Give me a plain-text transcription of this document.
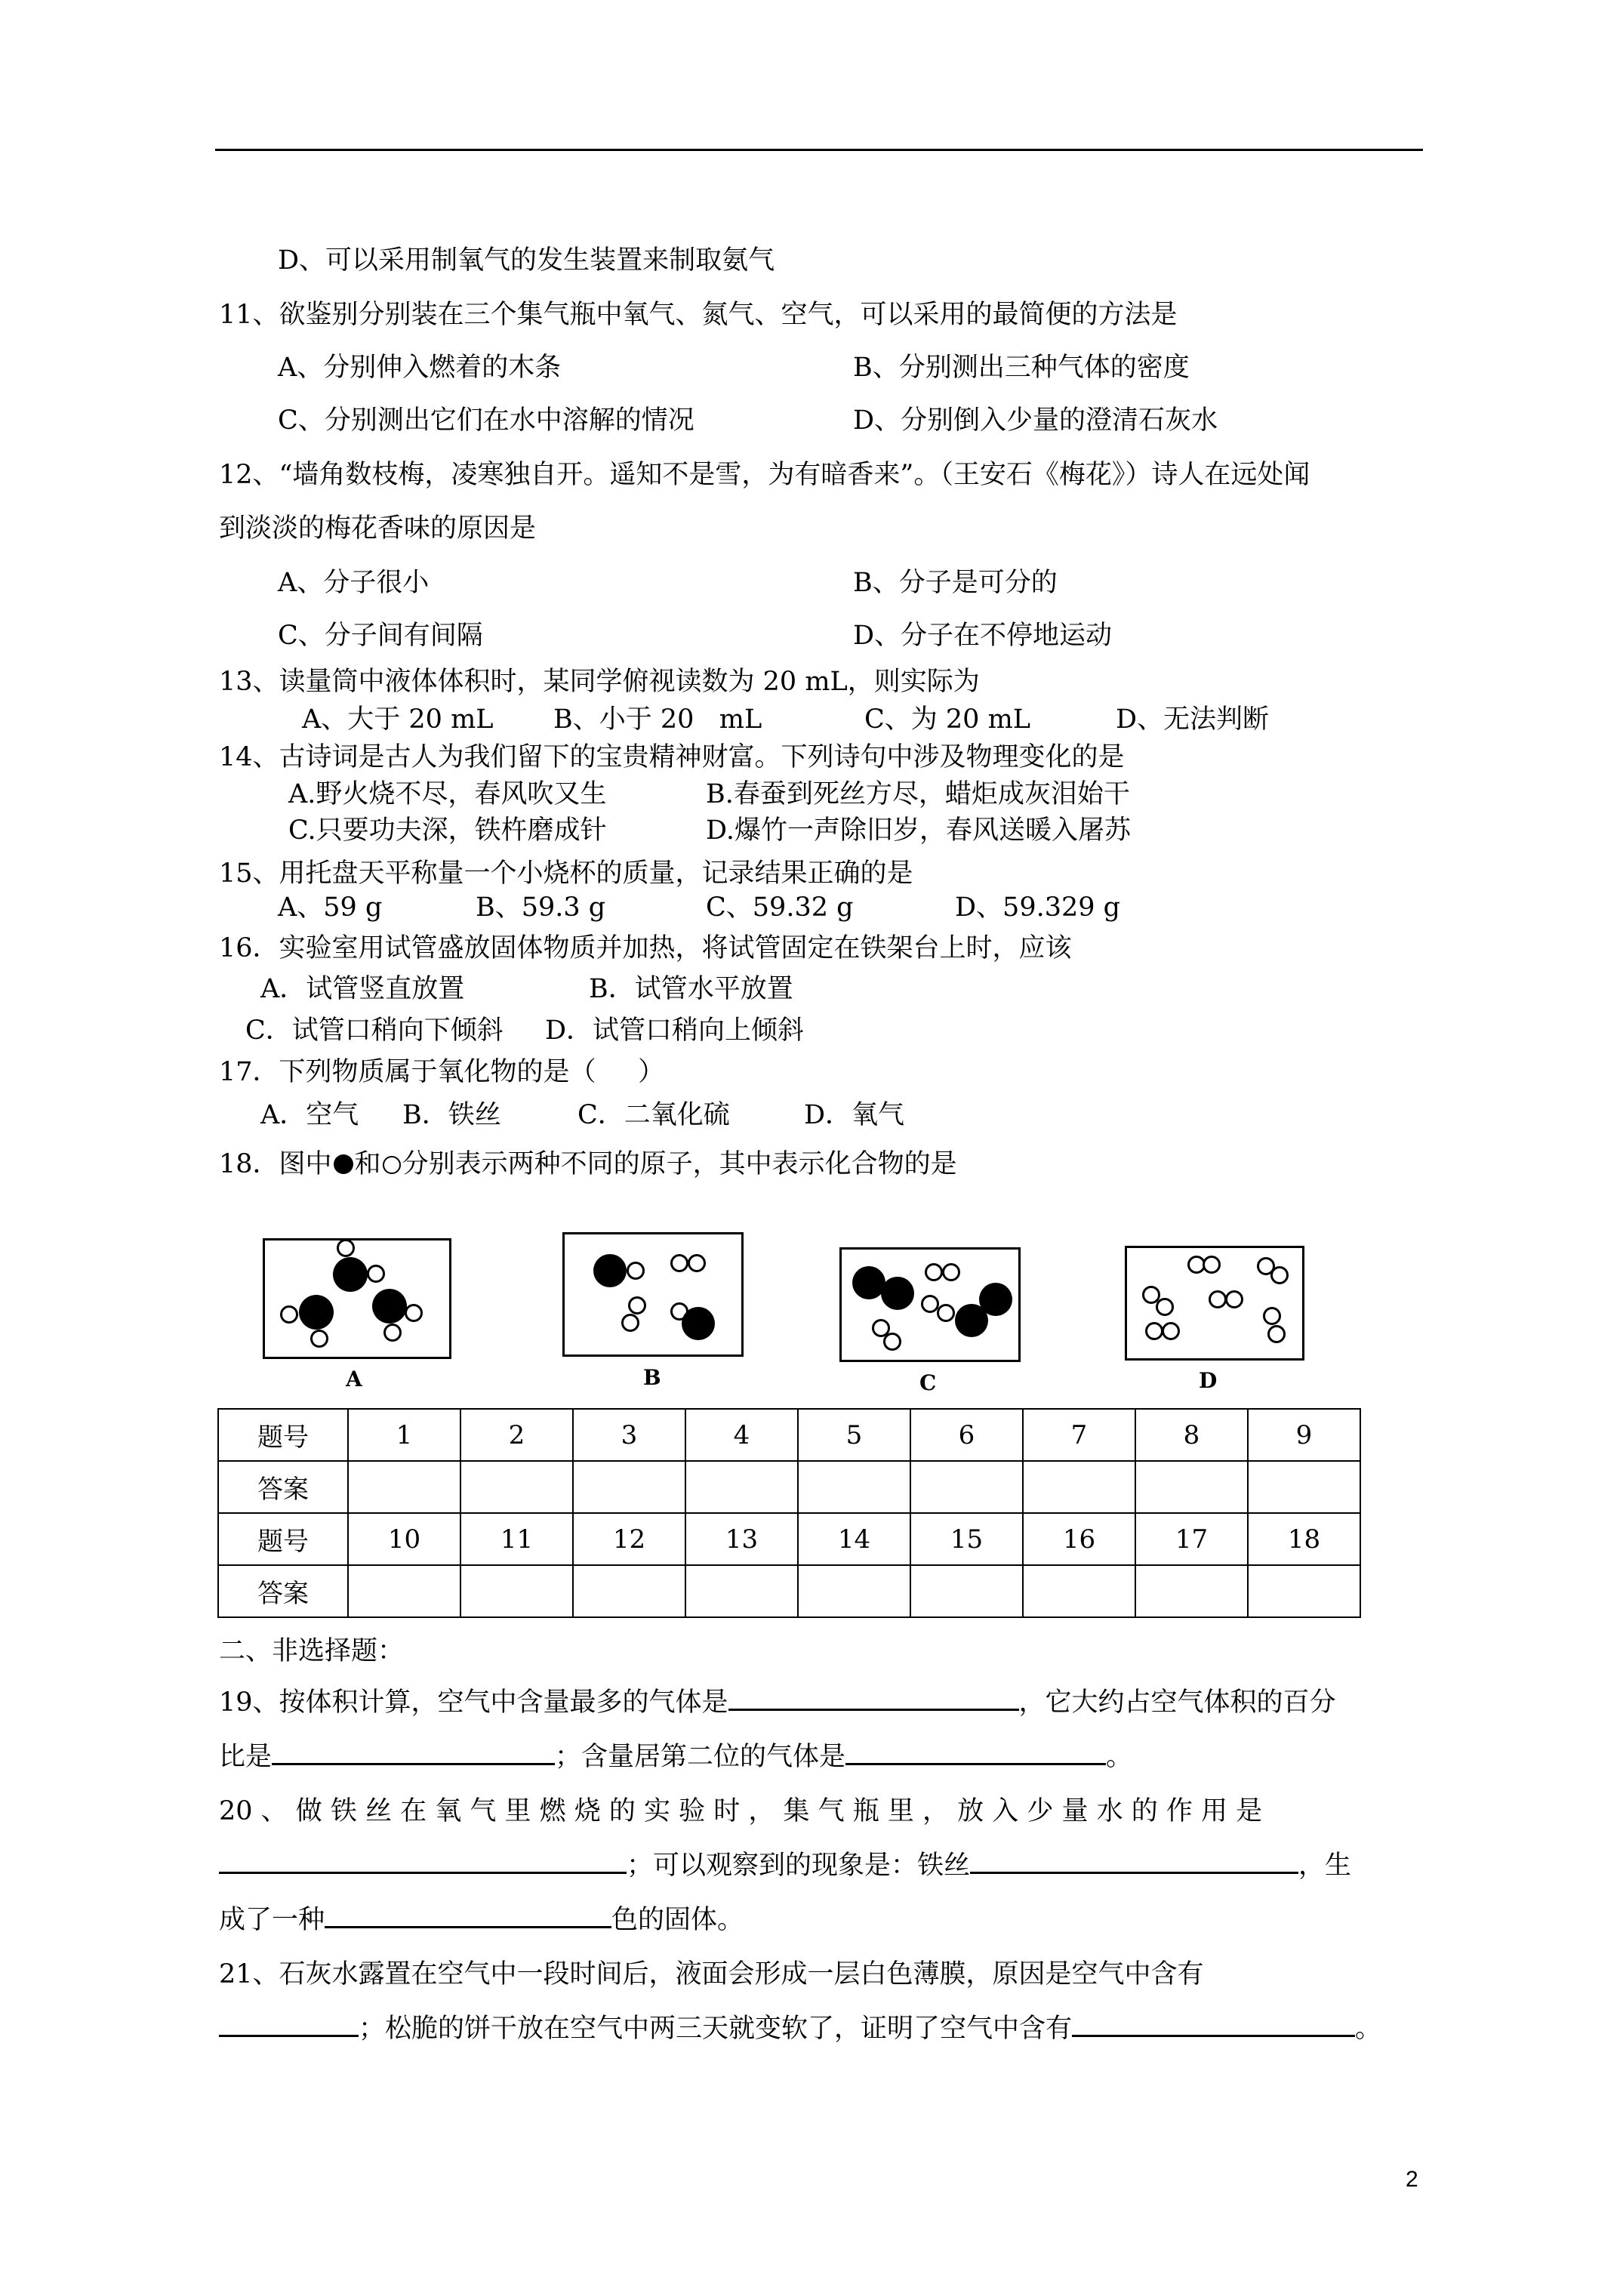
D、可以采用制氧气的发生装置来制取氨气
11、欲鉴别分别装在三个集气瓶中氧气、氮气、空气，可以采用的最简便的方法是
A、分别伸入燃着的木条	B、分别测出三种气体的密度
C、分别测出它们在水中溶解的情况	D、分别倒入少量的澄清石灰水
12、“墙角数枝梅，凌寒独自开。遥知不是雪，为有暗香来”。（王安石《梅花》）诗人在远处闻
到淡淡的梅花香味的原因是
A、分子很小	B、分子是可分的
C、分子间有间隔	D、分子在不停地运动
13、读量筒中液体体积时，某同学俯视读数为 20 mL，则实际为
A、大于 20 mL B、小于 20   mL	C、为 20 mL	D、无法判断
14、古诗词是古人为我们留下的宝贵精神财富。下列诗句中涉及物理变化的是
A.野火烧不尽，春风吹又生	B.春蚕到死丝方尽，蜡炬成灰泪始干
C.只要功夫深，铁杵磨成针	D.爆竹一声除旧岁，春风送暖入屠苏
15、用托盘天平称量一个小烧杯的质量，记录结果正确的是
A、59 g	B、59.3 g	C、59.32 g	D、59.329 g
16．实验室用试管盛放固体物质并加热，将试管固定在铁架台上时，应该
A．试管竖直放置	B．试管水平放置
C．试管口稍向下倾斜 D．试管口稍向上倾斜
17．下列物质属于氧化物的是（     ）
A．空气 B．铁丝	C．二氧化硫	D．氧气
18．图中 和 分别表示两种不同的原子，其中表示化合物的是
A	B	C	D
题号	1	2	3	4	5	6	7	8	9
答案									
题号	10	11	12	13	14	15	16	17	18
答案									
二、非选择题：
19、按体积计算，空气中含量最多的气体是	，它大约占空气体积的百分
比是	；含量居第二位的气体是	。
20 、 做 铁 丝 在 氧 气 里 燃 烧 的 实 验 时 ， 集 气 瓶 里 ， 放 入 少 量 水 的 作 用 是
；可以观察到的现象是：铁丝	，生
成了一种	色的固体。
21、石灰水露置在空气中一段时间后，液面会形成一层白色薄膜，原因是空气中含有
；松脆的饼干放在空气中两三天就变软了，证明了空气中含有	。
2
